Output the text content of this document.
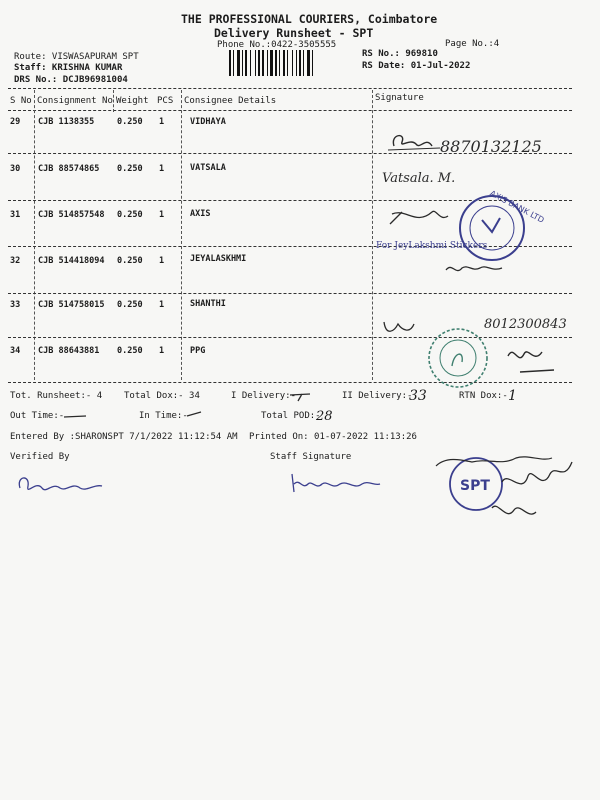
THE PROFESSIONAL COURIERS, Coimbatore
Delivery Runsheet - SPT
Phone No.:0422-3505555	Page No.:4
Route: VISWASAPURAM SPT
Staff: KRISHNA KUMAR
DRS No.: DCJB96981004
RS No.: 969810
RS Date: 01-Jul-2022
S No Consignment No Weight PCS Consignee Details	Signature
29 CJB 1138355	0.250 1	VIDHAYA
30 CJB 88574865 0.250 1	VATSALA
31 CJB 514857548 0.250 1	AXIS
32 CJB 514418094 0.250 1	JEYALASKHMI
33 CJB 514758015 0.250 1	SHANTHI
34 CJB 88643881 0.250 1	PPG
8870132125
Vatsala. M.
AXIS BANK LTD
For JeyLakshmi Stickers
8012300843
Tot. Runsheet:- 4 Total Dox:- 34	I Delivery:-	II Delivery:-
33	RTN Dox:- 1
Out Time:-	In Time:-	Total POD:-
28
Entered By :SHARONSPT 7/1/2022 11:12:54 AM Printed On: 01-07-2022 11:13:26
Verified By	Staff Signature
SPT
